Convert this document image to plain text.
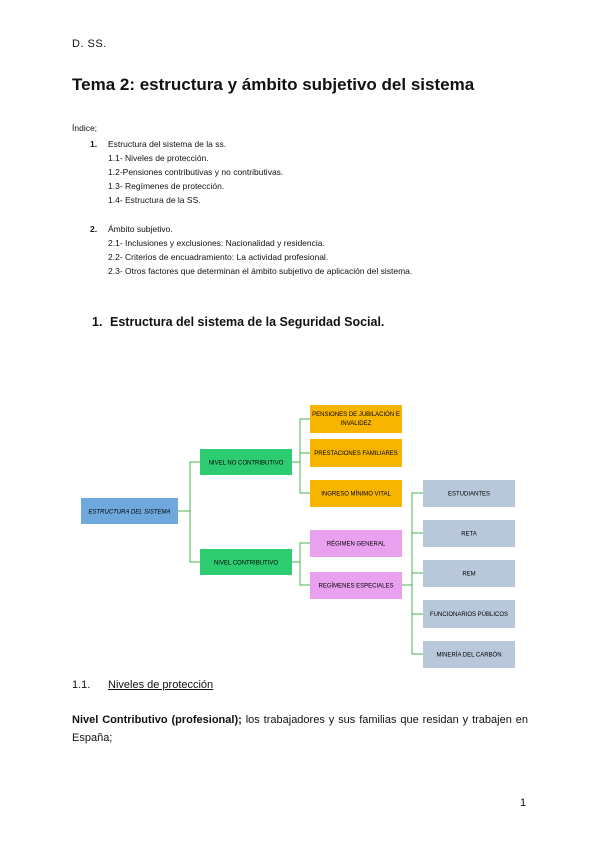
D. SS.
Tema 2: estructura y ámbito subjetivo del sistema
Índice;
1. Estructura del sistema de la ss.
1.1- Niveles de protección.
1.2-Pensiones contributivas y no contributivas.
1.3- Regímenes de protección.
1.4- Estructura de la SS.
2. Ámbito subjetivo.
2.1- Inclusiones y exclusiones: Nacionalidad y residencia.
2.2- Criterios de encuadramiento: La actividad profesional.
2.3- Otros factores que determinan el ámbito subjetivo de aplicación del sistema.
1. Estructura del sistema de la Seguridad Social.
ESTRUCTURA DEL SISTEMA
NIVEL NO CONTRIBUTIVO
NIVEL CONTRIBUTIVO
PENSIONES DE JUBILACIÓN E
INVALIDEZ
PRESTACIONES FAMILIARES
INGRESO MÍNIMO VITAL
RÉGIMEN GENERAL
REGÍMENES ESPECIALES
ESTUDIANTES
RETA
REM
FUNCIONARIOS PÚBLICOS
MINERÍA DEL CARBÓN
1.1. Niveles de protección
Nivel Contributivo (profesional); los trabajadores y sus familias que residan y trabajen en España;
1
